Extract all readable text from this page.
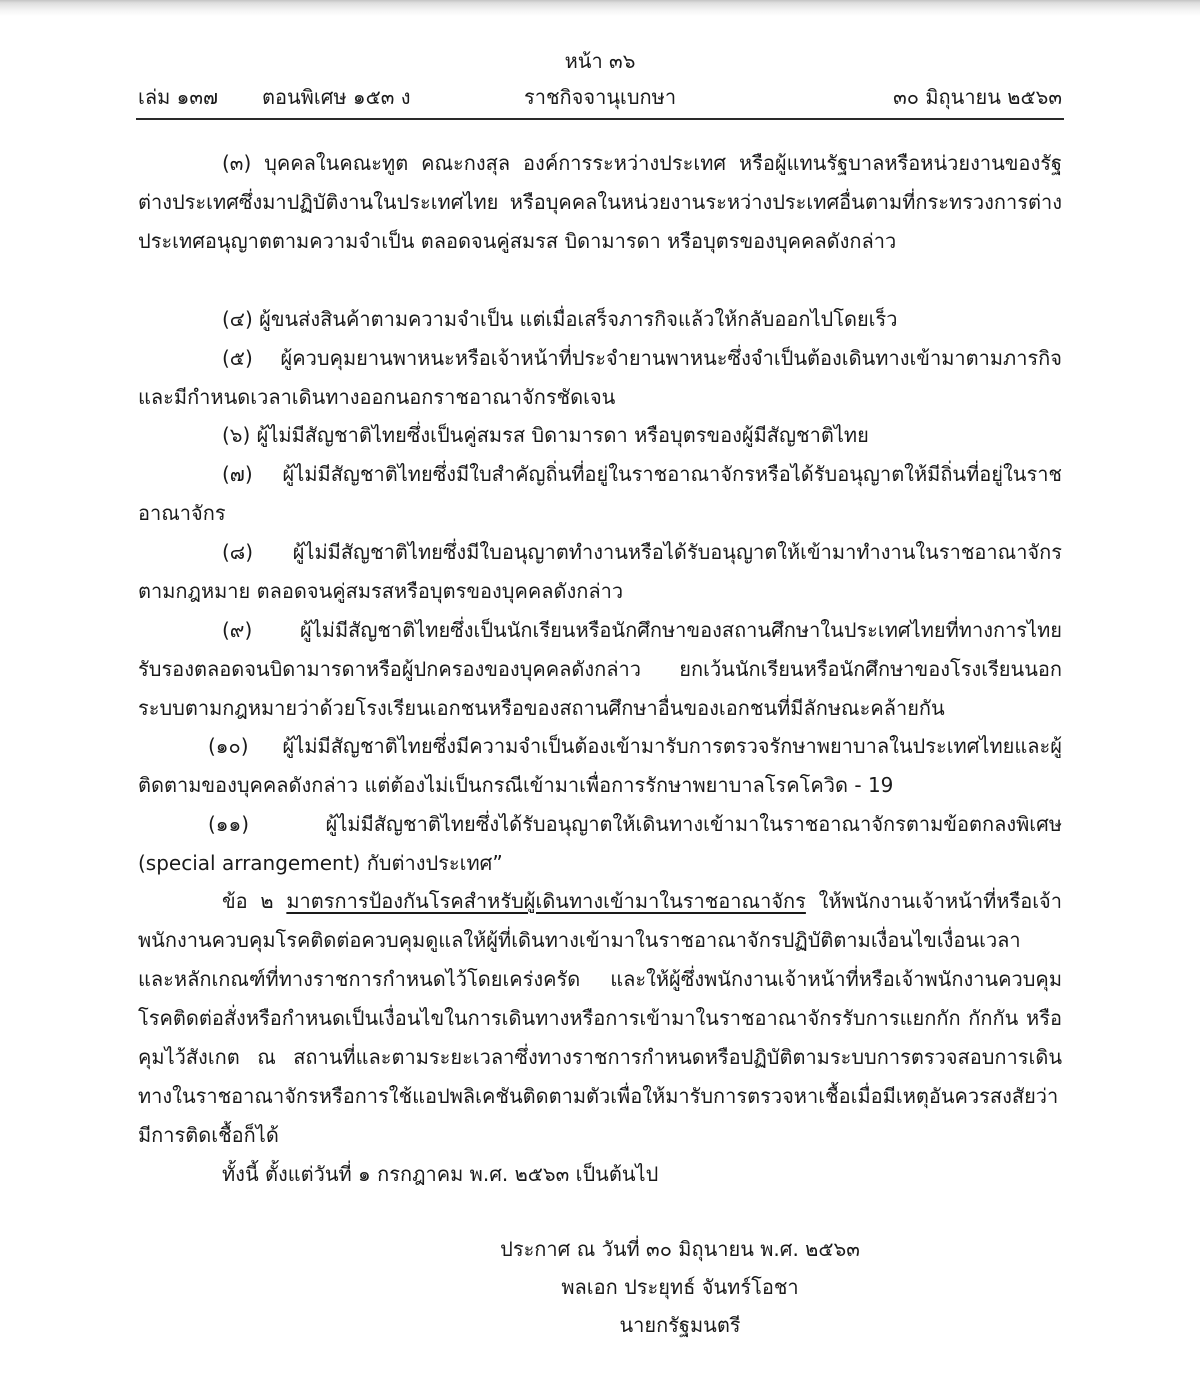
หน้า ๓๖
เล่ม ๑๓๗ ตอนพิเศษ ๑๕๓ ง	ราชกิจจานุเบกษา	๓๐ มิถุนายน ๒๕๖๓
(๓) บุคคลในคณะทูต คณะกงสุล องค์การระหว่างประเทศ หรือผู้แทนรัฐบาลหรือหน่วยงานของรัฐต่างประเทศซึ่งมาปฏิบัติงานในประเทศไทย หรือบุคคลในหน่วยงานระหว่างประเทศอื่นตามที่กระทรวงการต่างประเทศอนุญาตตามความจำเป็น ตลอดจนคู่สมรส บิดามารดา หรือบุตรของบุคคลดังกล่าว
(๔) ผู้ขนส่งสินค้าตามความจำเป็น แต่เมื่อเสร็จภารกิจแล้วให้กลับออกไปโดยเร็ว
(๕) ผู้ควบคุมยานพาหนะหรือเจ้าหน้าที่ประจำยานพาหนะซึ่งจำเป็นต้องเดินทางเข้ามาตามภารกิจและมีกำหนดเวลาเดินทางออกนอกราชอาณาจักรชัดเจน
(๖) ผู้ไม่มีสัญชาติไทยซึ่งเป็นคู่สมรส บิดามารดา หรือบุตรของผู้มีสัญชาติไทย
(๗) ผู้ไม่มีสัญชาติไทยซึ่งมีใบสำคัญถิ่นที่อยู่ในราชอาณาจักรหรือได้รับอนุญาตให้มีถิ่นที่อยู่ในราชอาณาจักร
(๘) ผู้ไม่มีสัญชาติไทยซึ่งมีใบอนุญาตทำงานหรือได้รับอนุญาตให้เข้ามาทำงานในราชอาณาจักรตามกฎหมาย ตลอดจนคู่สมรสหรือบุตรของบุคคลดังกล่าว
(๙) ผู้ไม่มีสัญชาติไทยซึ่งเป็นนักเรียนหรือนักศึกษาของสถานศึกษาในประเทศไทยที่ทางการไทยรับรองตลอดจนบิดามารดาหรือผู้ปกครองของบุคคลดังกล่าว ยกเว้นนักเรียนหรือนักศึกษาของโรงเรียนนอกระบบตามกฎหมายว่าด้วยโรงเรียนเอกชนหรือของสถานศึกษาอื่นของเอกชนที่มีลักษณะคล้ายกัน
(๑๐) ผู้ไม่มีสัญชาติไทยซึ่งมีความจำเป็นต้องเข้ามารับการตรวจรักษาพยาบาลในประเทศไทยและผู้ติดตามของบุคคลดังกล่าว แต่ต้องไม่เป็นกรณีเข้ามาเพื่อการรักษาพยาบาลโรคโควิด - 19
(๑๑) ผู้ไม่มีสัญชาติไทยซึ่งได้รับอนุญาตให้เดินทางเข้ามาในราชอาณาจักรตามข้อตกลงพิเศษ (special arrangement) กับต่างประเทศ”
ข้อ ๒ มาตรการป้องกันโรคสำหรับผู้เดินทางเข้ามาในราชอาณาจักร ให้พนักงานเจ้าหน้าที่หรือเจ้าพนักงานควบคุมโรคติดต่อควบคุมดูแลให้ผู้ที่เดินทางเข้ามาในราชอาณาจักรปฏิบัติตามเงื่อนไขเงื่อนเวลา และหลักเกณฑ์ที่ทางราชการกำหนดไว้โดยเคร่งครัด และให้ผู้ซึ่งพนักงานเจ้าหน้าที่หรือเจ้าพนักงานควบคุมโรคติดต่อสั่งหรือกำหนดเป็นเงื่อนไขในการเดินทางหรือการเข้ามาในราชอาณาจักรรับการแยกกัก กักกัน หรือคุมไว้สังเกต ณ สถานที่และตามระยะเวลาซึ่งทางราชการกำหนดหรือปฏิบัติตามระบบการตรวจสอบการเดินทางในราชอาณาจักรหรือการใช้แอปพลิเคชันติดตามตัวเพื่อให้มารับการตรวจหาเชื้อเมื่อมีเหตุอันควรสงสัยว่ามีการติดเชื้อก็ได้
ทั้งนี้ ตั้งแต่วันที่ ๑ กรกฎาคม พ.ศ. ๒๕๖๓ เป็นต้นไป
ประกาศ ณ วันที่ ๓๐ มิถุนายน พ.ศ. ๒๕๖๓
พลเอก ประยุทธ์ จันทร์โอชา
นายกรัฐมนตรี
